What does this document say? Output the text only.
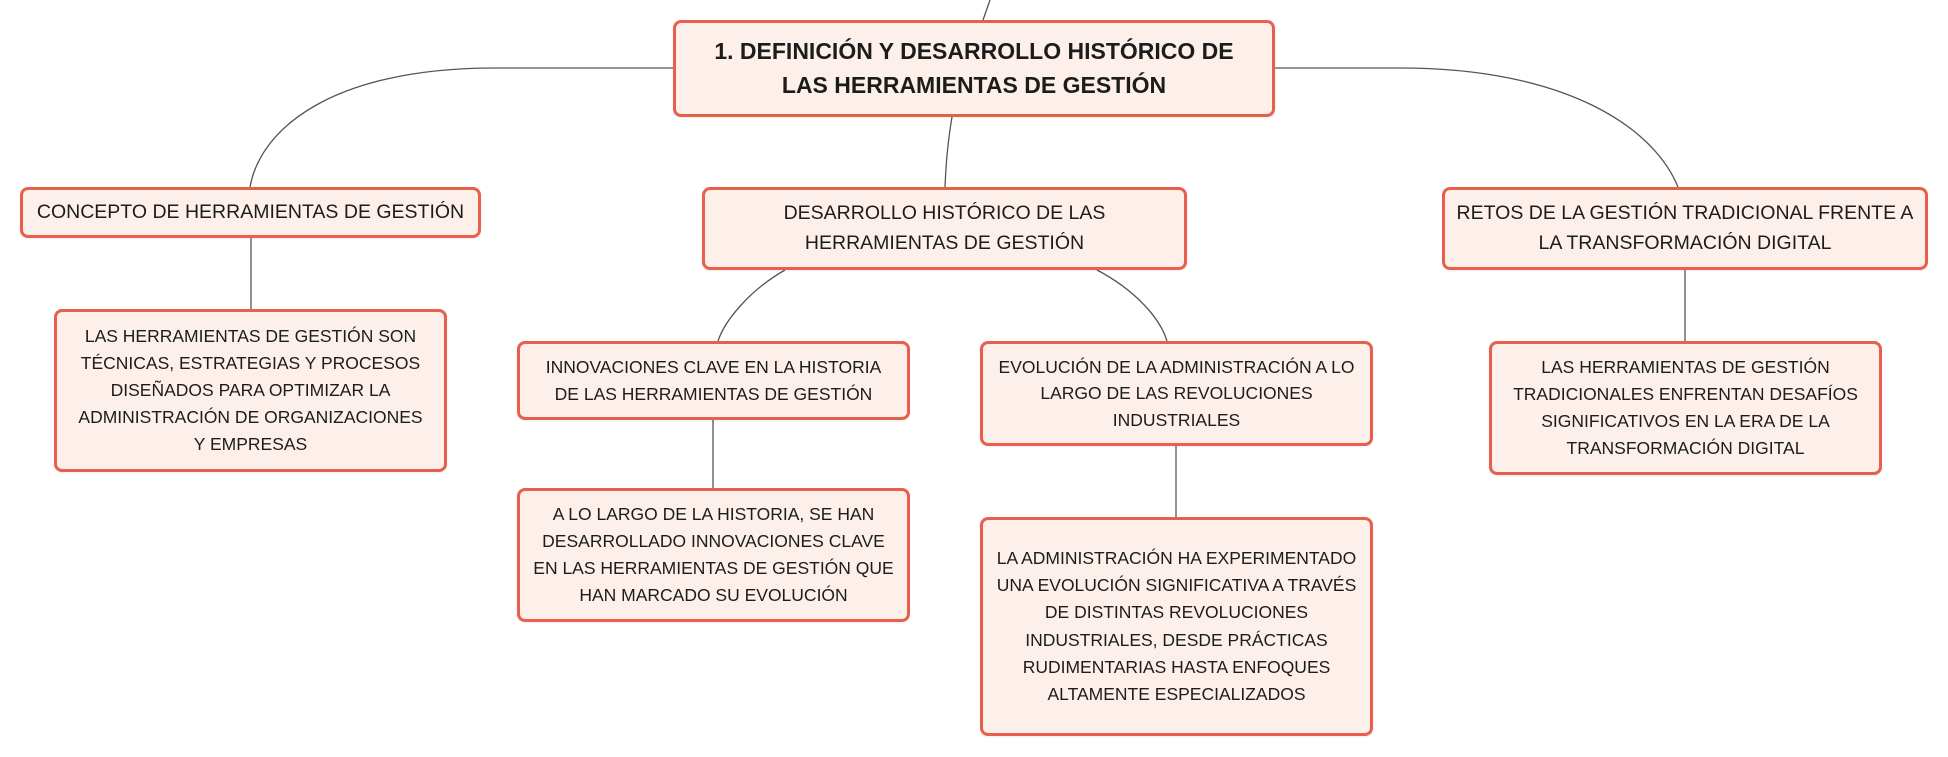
1. DEFINICIÓN Y DESARROLLO HISTÓRICO DE LAS HERRAMIENTAS DE GESTIÓN
CONCEPTO DE HERRAMIENTAS DE GESTIÓN
LAS HERRAMIENTAS DE GESTIÓN SON TÉCNICAS, ESTRATEGIAS Y PROCESOS DISEÑADOS PARA OPTIMIZAR LA ADMINISTRACIÓN DE ORGANIZACIONES Y EMPRESAS
DESARROLLO HISTÓRICO DE LAS HERRAMIENTAS DE GESTIÓN
INNOVACIONES CLAVE EN LA HISTORIA DE LAS HERRAMIENTAS DE GESTIÓN
A LO LARGO DE LA HISTORIA, SE HAN DESARROLLADO INNOVACIONES CLAVE EN LAS HERRAMIENTAS DE GESTIÓN QUE HAN MARCADO SU EVOLUCIÓN
EVOLUCIÓN DE LA ADMINISTRACIÓN A LO LARGO DE LAS REVOLUCIONES INDUSTRIALES
LA ADMINISTRACIÓN HA EXPERIMENTADO UNA EVOLUCIÓN SIGNIFICATIVA A TRAVÉS DE DISTINTAS REVOLUCIONES INDUSTRIALES, DESDE PRÁCTICAS RUDIMENTARIAS HASTA ENFOQUES ALTAMENTE ESPECIALIZADOS
RETOS DE LA GESTIÓN TRADICIONAL FRENTE A LA TRANSFORMACIÓN DIGITAL
LAS HERRAMIENTAS DE GESTIÓN TRADICIONALES ENFRENTAN DESAFÍOS SIGNIFICATIVOS EN LA ERA DE LA TRANSFORMACIÓN DIGITAL
